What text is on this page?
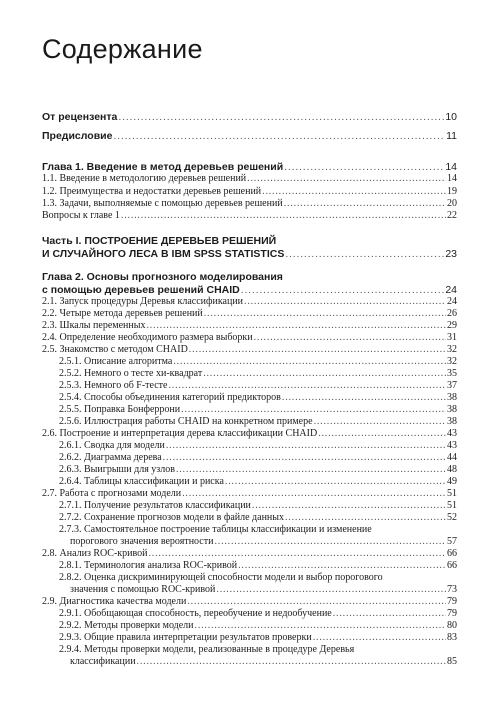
Содержание
От рецензента .....	10
Предисловие .....	11
Глава 1. Введение в метод деревьев решений .....	14
1.1. Введение в методологию деревьев решений .....	14
1.2. Преимущества и недостатки деревьев решений .....	19
1.3. Задачи, выполняемые с помощью деревьев решений .....	20
Вопросы к главе 1 .....	22
Часть I. ПОСТРОЕНИЕ ДЕРЕВЬЕВ РЕШЕНИЙ
И СЛУЧАЙНОГО ЛЕСА В IBM SPSS STATISTICS .....	23
Глава 2. Основы прогнозного моделирования
с помощью деревьев решений CHAID .....	24
2.1. Запуск процедуры Деревья классификации .....	24
2.2. Четыре метода деревьев решений .....	26
2.3. Шкалы переменных .....	29
2.4. Определение необходимого размера выборки .....	31
2.5. Знакомство с методом CHAID .....	32
2.5.1. Описание алгоритма .....	32
2.5.2. Немного о тесте хи-квадрат .....	35
2.5.3. Немного об F-тесте .....	37
2.5.4. Способы объединения категорий предикторов .....	38
2.5.5. Поправка Бонферрони .....	38
2.5.6. Иллюстрация работы CHAID на конкретном примере .....	38
2.6. Построение и интерпретация дерева классификации CHAID .....	43
2.6.1. Сводка для модели .....	43
2.6.2. Диаграмма дерева .....	44
2.6.3. Выигрыши для узлов .....	48
2.6.4. Таблицы классификации и риска .....	49
2.7. Работа с прогнозами модели .....	51
2.7.1. Получение результатов классификации .....	51
2.7.2. Сохранение прогнозов модели в файле данных .....	52
2.7.3. Самостоятельное построение таблицы классификации и изменение
порогового значения вероятности .....	57
2.8. Анализ ROC-кривой .....	66
2.8.1. Терминология анализа ROC-кривой .....	66
2.8.2. Оценка дискриминирующей способности модели и выбор порогового
значения с помощью ROC-кривой .....	73
2.9. Диагностика качества модели .....	79
2.9.1. Обобщающая способность, переобучение и недообучение .....	79
2.9.2. Методы проверки модели .....	80
2.9.3. Общие правила интерпретации результатов проверки .....	83
2.9.4. Методы проверки модели, реализованные в процедуре Деревья
классификации .....	85
